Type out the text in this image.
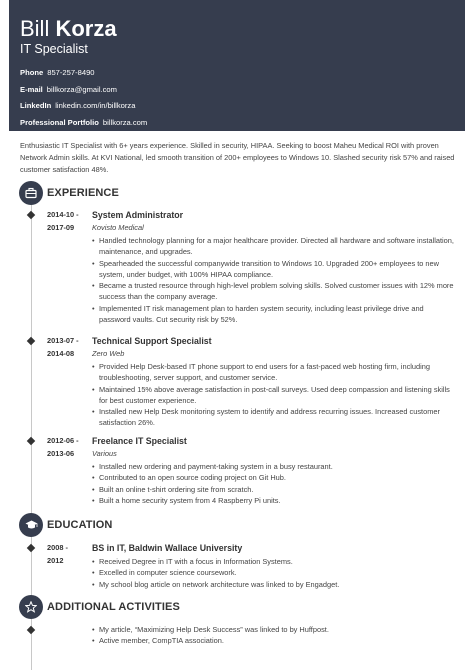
Bill Korza
IT Specialist
Phone 857-257-8490
E-mail billkorza@gmail.com
LinkedIn linkedin.com/in/billkorza
Professional Portfolio billkorza.com
Enthusiastic IT Specialist with 6+ years experience. Skilled in security, HIPAA. Seeking to boost Maheu Medical ROI with proven Network Admin skills. At KVI National, led smooth transition of 200+ employees to Windows 10. Slashed security risk 57% and raised customer satisfaction 48%.
EXPERIENCE
2014-10 -
2017-09
System Administrator
Kovisto Medical
• Handled technology planning for a major healthcare provider. Directed all hardware and software installation, maintenance, and upgrades.
• Spearheaded the successful companywide transition to Windows 10. Upgraded 200+ employees to new system, under budget, with 100% HIPAA compliance.
• Became a trusted resource through high-level problem solving skills. Solved customer issues with 12% more success than the company average.
• Implemented IT risk management plan to harden system security, including least privilege drive and password vaults. Cut security risk by 52%.
2013-07 -
2014-08
Technical Support Specialist
Zero Web
• Provided Help Desk-based IT phone support to end users for a fast-paced web hosting firm, including troubleshooting, server support, and customer service.
• Maintained 15% above average satisfaction in post-call surveys. Used deep compassion and listening skills for best customer experience.
• Installed new Help Desk monitoring system to identify and address recurring issues. Increased customer satisfaction 26%.
2012-06 -
2013-06
Freelance IT Specialist
Various
• Installed new ordering and payment-taking system in a busy restaurant.
• Contributed to an open source coding project on Git Hub.
• Built an online t-shirt ordering site from scratch.
• Built a home security system from 4 Raspberry Pi units.
EDUCATION
2008 -
2012
BS in IT, Baldwin Wallace University
• Received Degree in IT with a focus in Information Systems.
• Excelled in computer science coursework.
• My school blog article on network architecture was linked to by Engadget.
ADDITIONAL ACTIVITIES
• My article, “Maximizing Help Desk Success” was linked to by Huffpost.
• Active member, CompTIA association.
